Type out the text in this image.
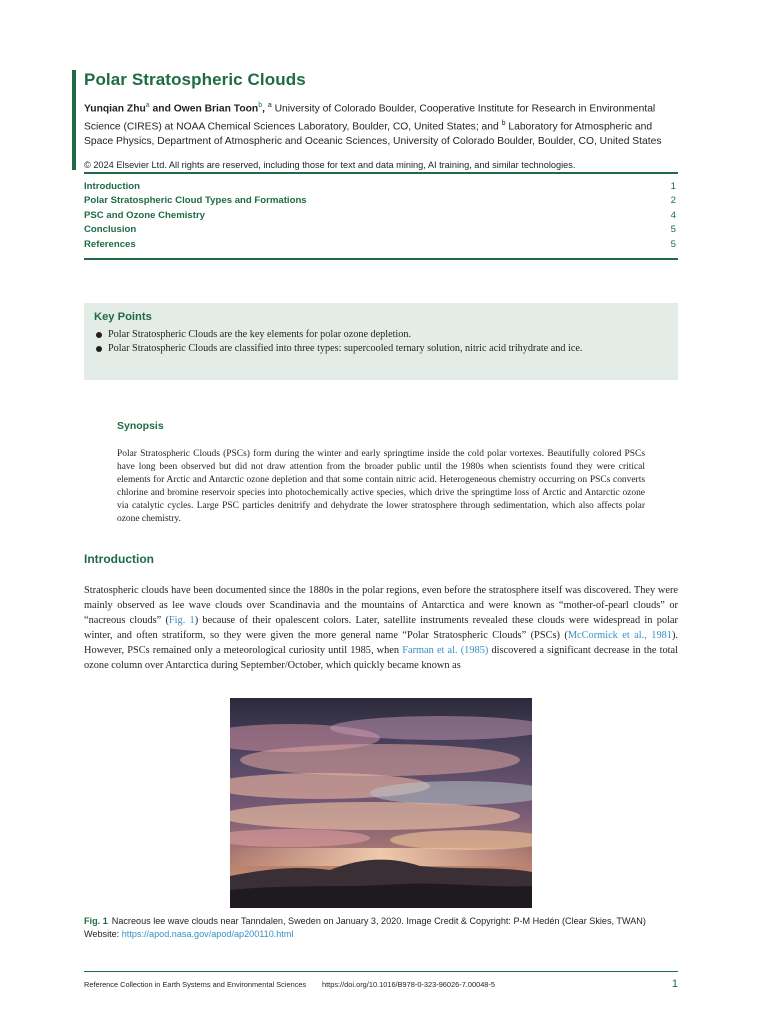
Polar Stratospheric Clouds
Yunqian Zhu$^a$ and Owen Brian Toon$^b$, $^a$ University of Colorado Boulder, Cooperative Institute for Research in Environmental Science (CIRES) at NOAA Chemical Sciences Laboratory, Boulder, CO, United States; and $^b$ Laboratory for Atmospheric and Space Physics, Department of Atmospheric and Oceanic Sciences, University of Colorado Boulder, Boulder, CO, United States
© 2024 Elsevier Ltd. All rights are reserved, including those for text and data mining, AI training, and similar technologies.
Introduction	1
Polar Stratospheric Cloud Types and Formations	2
PSC and Ozone Chemistry	4
Conclusion	5
References	5
Key Points
Polar Stratospheric Clouds are the key elements for polar ozone depletion.
Polar Stratospheric Clouds are classified into three types: supercooled ternary solution, nitric acid trihydrate and ice.
Synopsis
Polar Stratospheric Clouds (PSCs) form during the winter and early springtime inside the cold polar vortexes. Beautifully colored PSCs have long been observed but did not draw attention from the broader public until the 1980s when scientists found they were critical elements for Arctic and Antarctic ozone depletion and that some contain nitric acid. Heterogeneous chemistry occurring on PSCs converts chlorine and bromine reservoir species into photochemically active species, which drive the springtime loss of Arctic and Antarctic ozone via catalytic cycles. Large PSC particles denitrify and dehydrate the lower stratosphere through sedimentation, which also affects polar ozone chemistry.
Introduction
Stratospheric clouds have been documented since the 1880s in the polar regions, even before the stratosphere itself was discovered. They were mainly observed as lee wave clouds over Scandinavia and the mountains of Antarctica and were known as “mother-of-pearl clouds” or “nacreous clouds” (Fig. 1) because of their opalescent colors. Later, satellite instruments revealed these clouds were widespread in polar winter, and often stratiform, so they were given the more general name “Polar Stratospheric Clouds” (PSCs) (McCormick et al., 1981). However, PSCs remained only a meteorological curiosity until 1985, when Farman et al. (1985) discovered a significant decrease in the total ozone column over Antarctica during September/October, which quickly became known as
Fig. 1 Nacreous lee wave clouds near Tanndalen, Sweden on January 3, 2020. Image Credit & Copyright: P-M Hedén (Clear Skies, TWAN) Website: https://apod.nasa.gov/apod/ap200110.html
Reference Collection in Earth Systems and Environmental Sciences	https://doi.org/10.1016/B978-0-323-96026-7.00048-5	1
